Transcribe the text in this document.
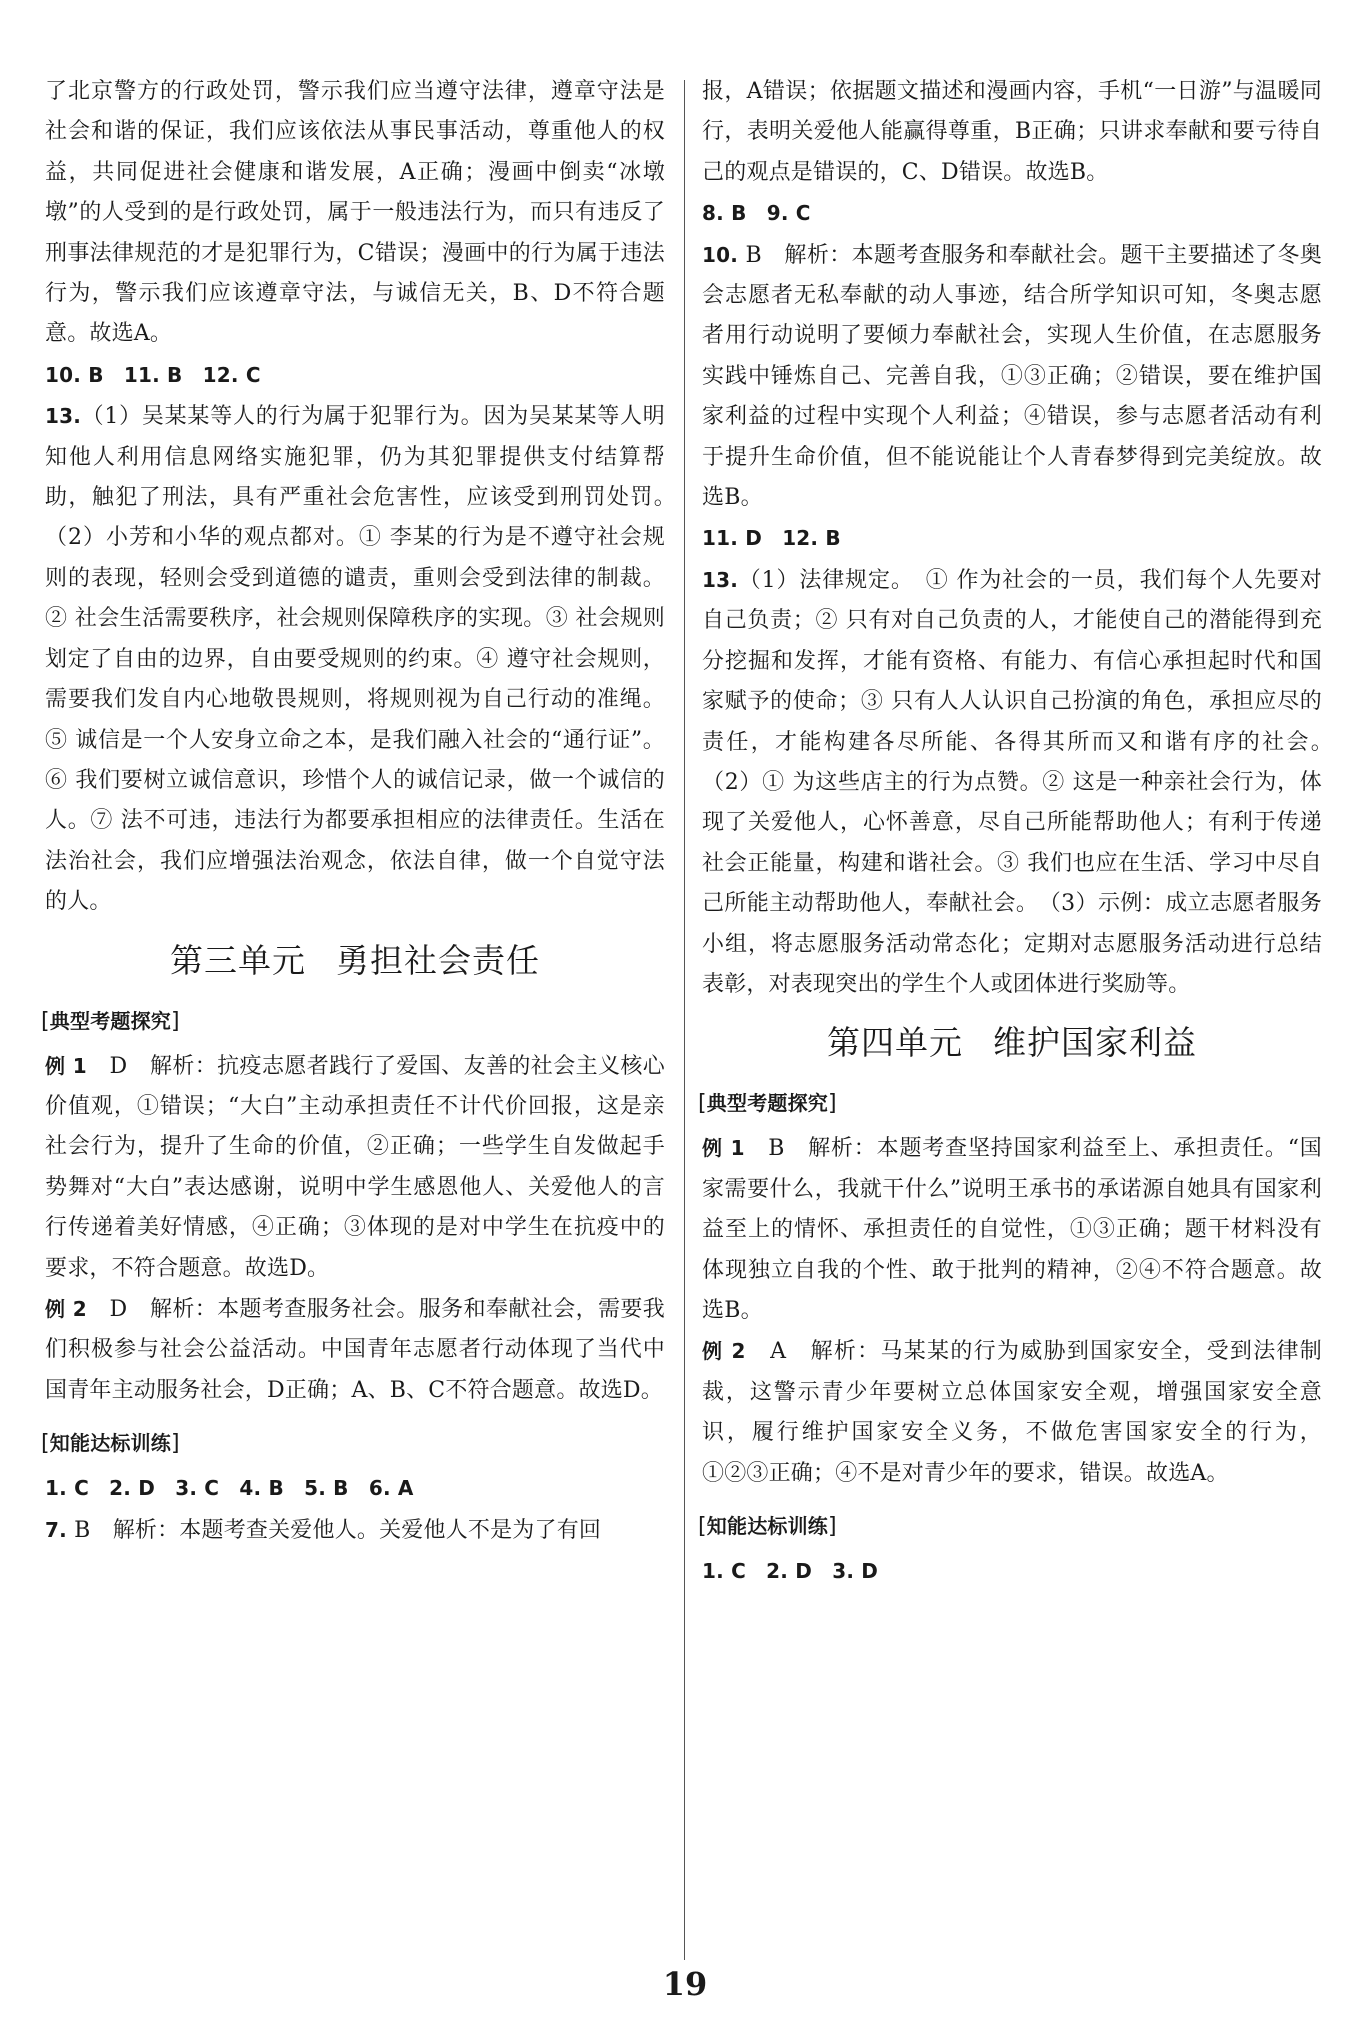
了北京警方的行政处罚，警示我们应当遵守法律，遵章守法是社会和谐的保证，我们应该依法从事民事活动，尊重他人的权益，共同促进社会健康和谐发展，A正确；漫画中倒卖“冰墩墩”的人受到的是行政处罚，属于一般违法行为，而只有违反了刑事法律规范的才是犯罪行为，C错误；漫画中的行为属于违法行为，警示我们应该遵章守法，与诚信无关，B、D不符合题意。故选A。

10. B　11. B　12. C

13.（1）吴某某等人的行为属于犯罪行为。因为吴某某等人明知他人利用信息网络实施犯罪，仍为其犯罪提供支付结算帮助，触犯了刑法，具有严重社会危害性，应该受到刑罚处罚。　（2）小芳和小华的观点都对。① 李某的行为是不遵守社会规则的表现，轻则会受到道德的谴责，重则会受到法律的制裁。② 社会生活需要秩序，社会规则保障秩序的实现。③ 社会规则划定了自由的边界，自由要受规则的约束。④ 遵守社会规则，需要我们发自内心地敬畏规则，将规则视为自己行动的准绳。⑤ 诚信是一个人安身立命之本，是我们融入社会的“通行证”。⑥ 我们要树立诚信意识，珍惜个人的诚信记录，做一个诚信的人。⑦ 法不可违，违法行为都要承担相应的法律责任。生活在法治社会，我们应增强法治观念，依法自律，做一个自觉守法的人。

第三单元 勇担社会责任
[典型考题探究]

例 1　 D　解析：抗疫志愿者践行了爱国、友善的社会主义核心价值观，①错误；“大白”主动承担责任不计代价回报，这是亲社会行为，提升了生命的价值，②正确；一些学生自发做起手势舞对“大白”表达感谢，说明中学生感恩他人、关爱他人的言行传递着美好情感，④正确；③体现的是对中学生在抗疫中的要求，不符合题意。故选D。

例 2　 D　解析：本题考查服务社会。服务和奉献社会，需要我们积极参与社会公益活动。中国青年志愿者行动体现了当代中国青年主动服务社会，D正确；A、B、C不符合题意。故选D。

[知能达标训练]

1. C　2. D　3. C　4. B　5. B　6. A

7. B　解析：本题考查关爱他人。关爱他人不是为了有回

报，A错误；依据题文描述和漫画内容，手机“一日游”与温暖同行，表明关爱他人能赢得尊重，B正确；只讲求奉献和要亏待自己的观点是错误的，C、D错误。故选B。

8. B　9. C

10. B　解析：本题考查服务和奉献社会。题干主要描述了冬奥会志愿者无私奉献的动人事迹，结合所学知识可知，冬奥志愿者用行动说明了要倾力奉献社会，实现人生价值，在志愿服务实践中锤炼自己、完善自我，①③正确；②错误，要在维护国家利益的过程中实现个人利益；④错误，参与志愿者活动有利于提升生命价值，但不能说能让个人青春梦得到完美绽放。故选B。

11. D　12. B

13.（1）法律规定。　① 作为社会的一员，我们每个人先要对自己负责；② 只有对自己负责的人，才能使自己的潜能得到充分挖掘和发挥，才能有资格、有能力、有信心承担起时代和国家赋予的使命；③ 只有人人认识自己扮演的角色，承担应尽的责任，才能构建各尽所能、各得其所而又和谐有序的社会。　（2）① 为这些店主的行为点赞。② 这是一种亲社会行为，体现了关爱他人，心怀善意，尽自己所能帮助他人；有利于传递社会正能量，构建和谐社会。③ 我们也应在生活、学习中尽自己所能主动帮助他人，奉献社会。　（3）示例：成立志愿者服务小组，将志愿服务活动常态化；定期对志愿服务活动进行总结表彰，对表现突出的学生个人或团体进行奖励等。

第四单元 维护国家利益
[典型考题探究]

例 1　 B　解析：本题考查坚持国家利益至上、承担责任。“国家需要什么，我就干什么”说明王承书的承诺源自她具有国家利益至上的情怀、承担责任的自觉性，①③正确；题干材料没有体现独立自我的个性、敢于批判的精神，②④不符合题意。故选B。

例 2　 A　解析：马某某的行为威胁到国家安全，受到法律制裁，这警示青少年要树立总体国家安全观，增强国家安全意识，履行维护国家安全义务，不做危害国家安全的行为，①②③正确；④不是对青少年的要求，错误。故选A。

[知能达标训练]

1. C　2. D　3. D

19
